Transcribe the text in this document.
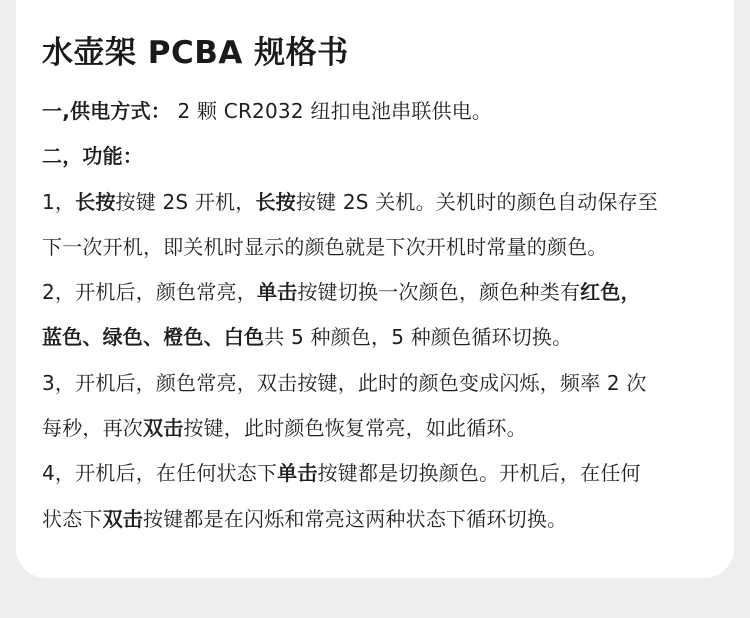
水壶架 PCBA 规格书

一,供电方式： 2 颗 CR2032 纽扣电池串联供电。

二，功能：

1，长按按键 2S 开机，长按按键 2S 关机。关机时的颜色自动保存至

下一次开机，即关机时显示的颜色就是下次开机时常量的颜色。

2，开机后，颜色常亮，单击按键切换一次颜色，颜色种类有红色，

蓝色、绿色、橙色、白色共 5 种颜色，5 种颜色循环切换。

3，开机后，颜色常亮，双击按键，此时的颜色变成闪烁，频率 2 次

每秒，再次双击按键，此时颜色恢复常亮，如此循环。

4，开机后，在任何状态下单击按键都是切换颜色。开机后，在任何

状态下双击按键都是在闪烁和常亮这两种状态下循环切换。
